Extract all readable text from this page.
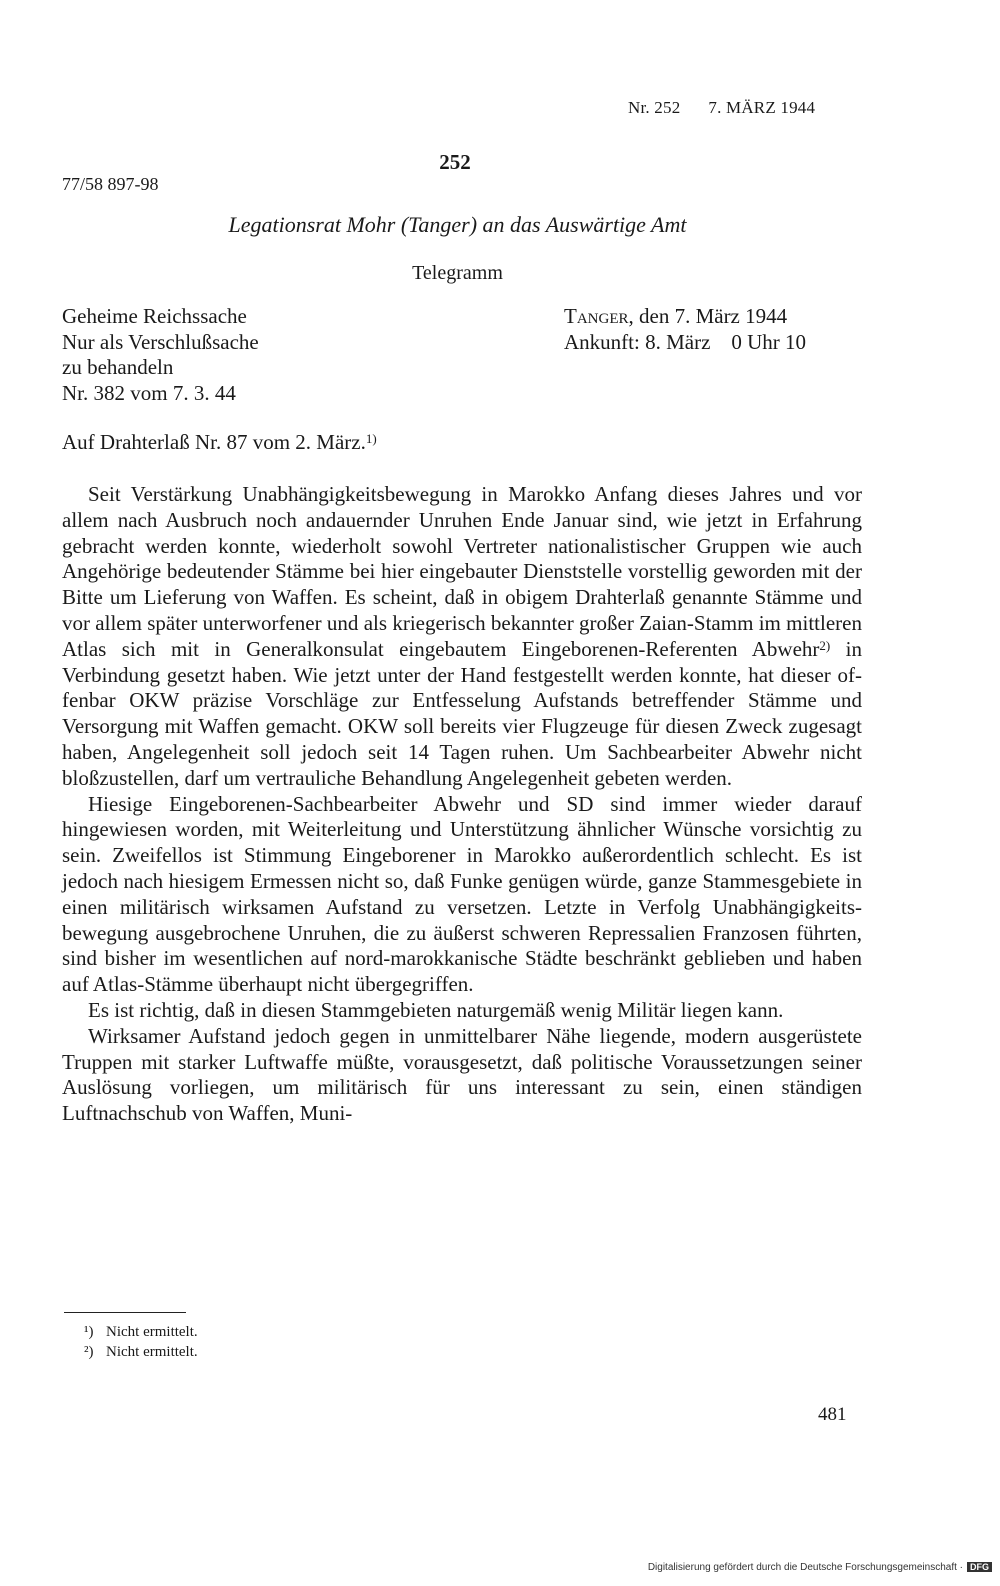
Nr. 252 7. MÄRZ 1944
252
77/58 897-98
Legationsrat Mohr (Tanger) an das Auswärtige Amt
Telegramm
Geheime Reichssache
Nur als Verschlußsache
zu behandeln
Nr. 382 vom 7. 3. 44
Tanger, den 7. März 1944
Ankunft: 8. März    0 Uhr 10
Auf Drahterlaß Nr. 87 vom 2. März.$^{1)}$

Seit Verstärkung Unabhängigkeitsbewegung in Marokko Anfang dieses Jahres und vor allem nach Ausbruch noch andauernder Unruhen Ende Januar sind, wie jetzt in Erfahrung gebracht werden konnte, wiederholt sowohl Vertreter nationalistischer Gruppen wie auch Angehörige bedeutender Stämme bei hier eingebauter Dienststelle vorstellig geworden mit der Bitte um Lieferung von Waffen. Es scheint, daß in obigem Drahterlaß genannte Stämme und vor allem später unterworfener und als kriegerisch bekannter großer Zaian-Stamm im mittleren Atlas sich mit in Generalkonsulat eingebautem Eingeborenen-Referenten Abwehr$^{2)}$ in Verbindung gesetzt haben. Wie jetzt unter der Hand festgestellt werden konnte, hat dieser offenbar OKW präzise Vorschläge zur Entfesselung Aufstands betreffender Stämme und Versorgung mit Waffen gemacht. OKW soll bereits vier Flugzeuge für diesen Zweck zugesagt haben, Angelegenheit soll jedoch seit 14 Tagen ruhen. Um Sachbearbeiter Abwehr nicht bloßzustellen, darf um vertrauliche Behandlung Angelegenheit gebeten werden.

Hiesige Eingeborenen-Sachbearbeiter Abwehr und SD sind immer wieder darauf hingewiesen worden, mit Weiterleitung und Unterstützung ähnlicher Wünsche vorsichtig zu sein. Zweifellos ist Stimmung Eingeborener in Marokko außerordentlich schlecht. Es ist jedoch nach hiesigem Ermessen nicht so, daß Funke genügen würde, ganze Stammesgebiete in einen militärisch wirksamen Aufstand zu versetzen. Letzte in Verfolg Unabhängigkeitsbewegung ausgebrochene Unruhen, die zu äußerst schweren Repressalien Franzosen führten, sind bisher im wesentlichen auf nord-marokkanische Städte beschränkt geblieben und haben auf Atlas-Stämme überhaupt nicht übergegriffen.

Es ist richtig, daß in diesen Stammgebieten naturgemäß wenig Militär liegen kann.

Wirksamer Aufstand jedoch gegen in unmittelbarer Nähe liegende, modern ausgerüstete Truppen mit starker Luftwaffe müßte, vorausgesetzt, daß politische Voraussetzungen seiner Auslösung vorliegen, um militärisch für uns interessant zu sein, einen ständigen Luftnachschub von Waffen, Muni-

¹) Nicht ermittelt.
²) Nicht ermittelt.
481
Digitalisierung gefördert durch die Deutsche Forschungsgemeinschaft · DFG
